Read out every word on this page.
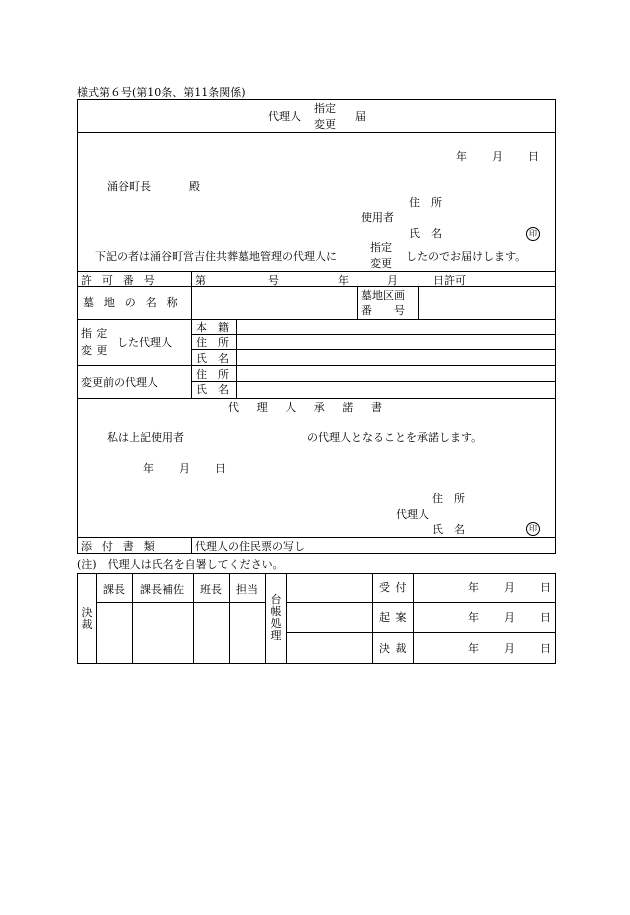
様式第６号(第10条、第11条関係)
代理人
指定
変更
届
年 月 日
涌谷町長	殿
住　所
使用者
氏　名	印
下記の者は涌谷町営吉住共葬墓地管理の代理人に
指定
変更
したのでお届けします。
許可番号	第	号	年	月	日許可
墓地の名称
墓地区画
番　　号
指定
変更
した代理人
本　籍
住　所
氏　名
変更前の代理人
住　所
氏　名
代理人承諾書
私は上記使用者	の代理人となることを承諾します。
年 月 日
住　所
代理人
氏　名	印
添付書類	代理人の住民票の写し
(注)　代理人は氏名を自署してください。
決裁
課長 課長補佐 班長 担当
台帳処理
受付	年 月 日
起案	年 月 日
決裁	年 月 日
